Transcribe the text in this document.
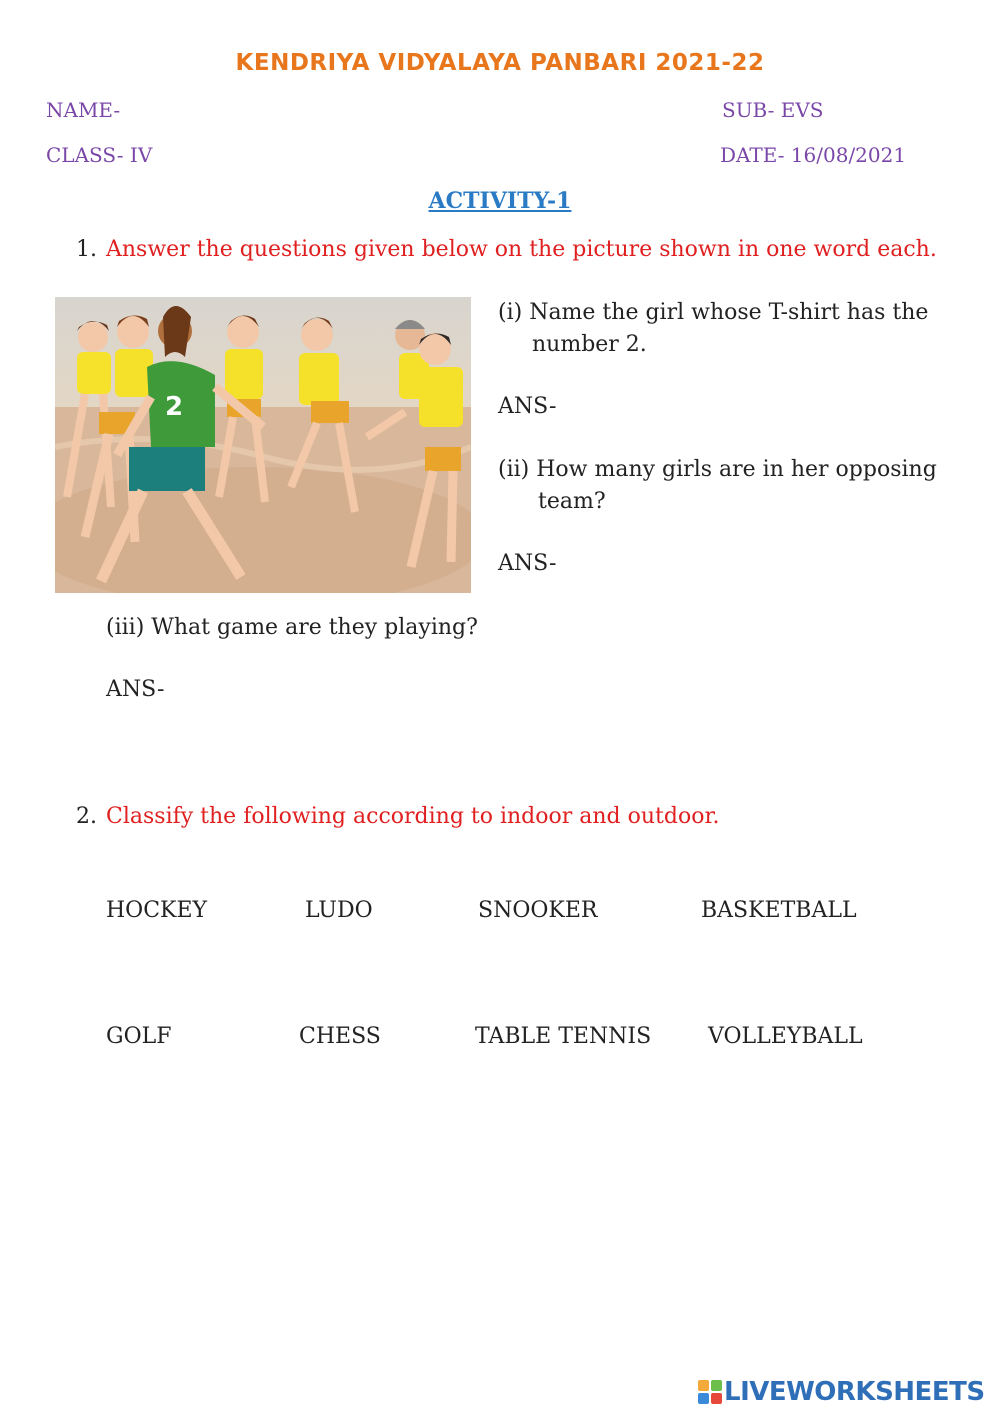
KENDRIYA VIDYALAYA PANBARI 2021-22
NAME-	SUB- EVS
CLASS- IV	DATE- 16/08/2021
ACTIVITY-1
1. Answer the questions given below on the picture shown in one word each.
2
(i) Name the girl whose T-shirt has the
number 2.
ANS-
(ii) How many girls are in her opposing
team?
ANS-
(iii) What game are they playing?
ANS-
2. Classify the following according to indoor and outdoor.
HOCKEY	LUDO	SNOOKER	BASKETBALL
GOLF	CHESS	TABLE TENNIS	VOLLEYBALL
LIVEWORKSHEETS
